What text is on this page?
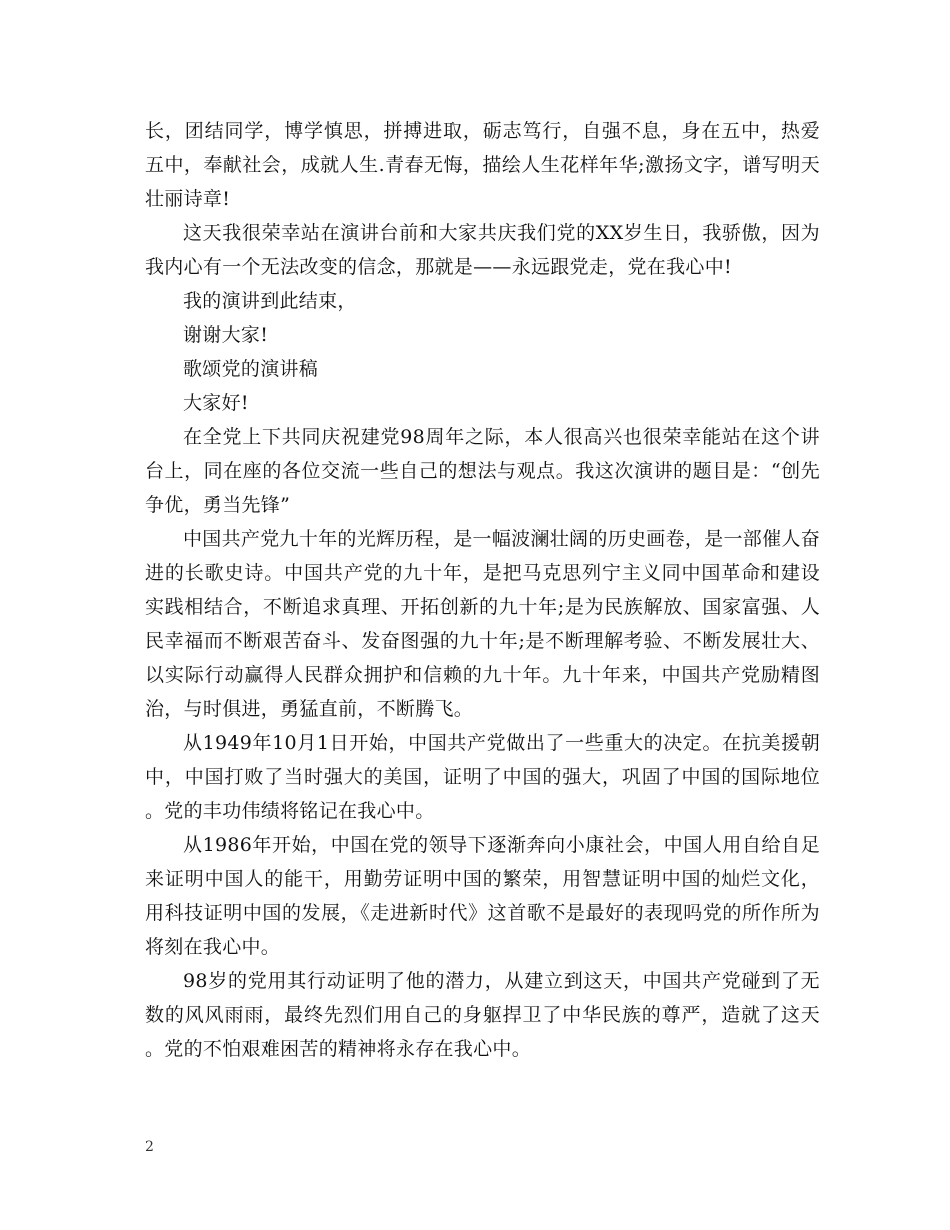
长，团结同学，博学慎思，拼搏进取，砺志笃行，自强不息，身在五中，热爱五中，奉献社会，成就人生.青春无悔，描绘人生花样年华;激扬文字，谱写明天壮丽诗章!

这天我很荣幸站在演讲台前和大家共庆我们党的XX岁生日，我骄傲，因为我内心有一个无法改变的信念，那就是——永远跟党走，党在我心中!

我的演讲到此结束，

谢谢大家!

歌颂党的演讲稿

大家好!

在全党上下共同庆祝建党98周年之际，本人很高兴也很荣幸能站在这个讲台上，同在座的各位交流一些自己的想法与观点。我这次演讲的题目是：“创先争优，勇当先锋”

中国共产党九十年的光辉历程，是一幅波澜壮阔的历史画卷，是一部催人奋进的长歌史诗。中国共产党的九十年，是把马克思列宁主义同中国革命和建设实践相结合，不断追求真理、开拓创新的九十年;是为民族解放、国家富强、人民幸福而不断艰苦奋斗、发奋图强的九十年;是不断理解考验、不断发展壮大、以实际行动赢得人民群众拥护和信赖的九十年。九十年来，中国共产党励精图治，与时俱进，勇猛直前，不断腾飞。

从1949年10月1日开始，中国共产党做出了一些重大的决定。在抗美援朝中，中国打败了当时强大的美国，证明了中国的强大，巩固了中国的国际地位。党的丰功伟绩将铭记在我心中。

从1986年开始，中国在党的领导下逐渐奔向小康社会，中国人用自给自足来证明中国人的能干，用勤劳证明中国的繁荣，用智慧证明中国的灿烂文化，用科技证明中国的发展，《走进新时代》这首歌不是最好的表现吗党的所作所为将刻在我心中。

98岁的党用其行动证明了他的潜力，从建立到这天，中国共产党碰到了无数的风风雨雨，最终先烈们用自己的身躯捍卫了中华民族的尊严，造就了这天。党的不怕艰难困苦的精神将永存在我心中。

2
